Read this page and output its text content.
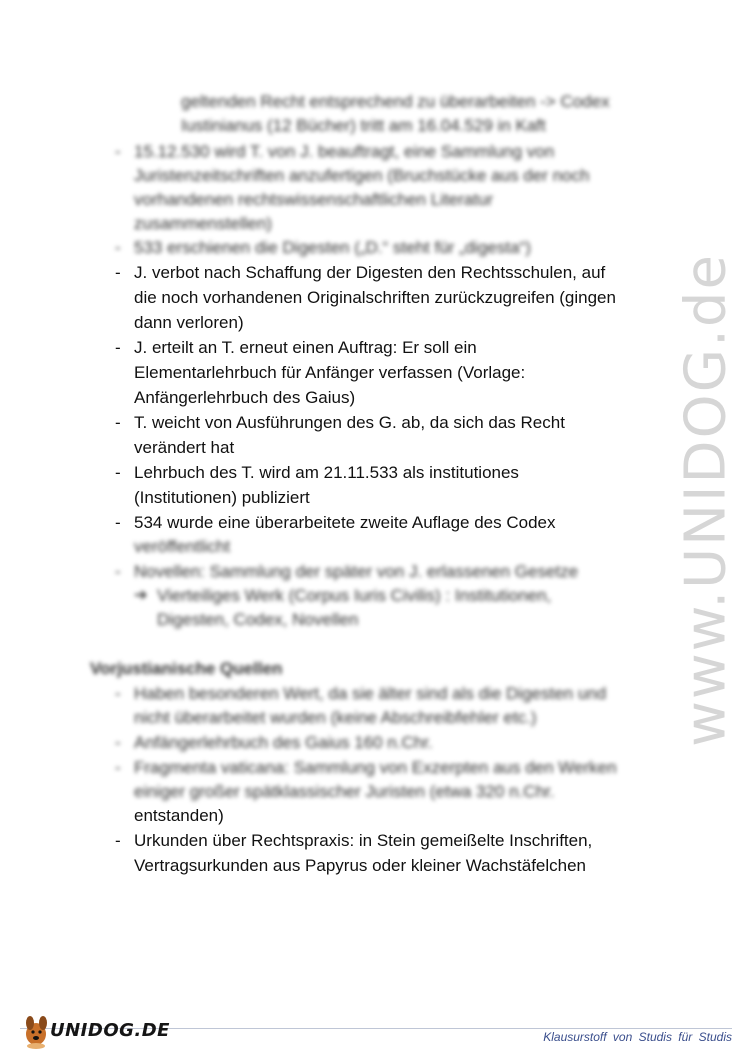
www.UNIDOG.de
geltenden Recht entsprechend zu überarbeiten -> Codex
Iustinianus (12 Bücher) tritt am 16.04.529 in Kaft
- 15.12.530 wird T. von J. beauftragt, eine Sammlung von
Juristenzeitschriften anzufertigen (Bruchstücke aus der noch
vorhandenen rechtswissenschaftlichen Literatur
zusammenstellen)
- 533 erschienen die Digesten („D.“ steht für „digesta“)
- J. verbot nach Schaffung der Digesten den Rechtsschulen, auf
die noch vorhandenen Originalschriften zurückzugreifen (gingen
dann verloren)
- J. erteilt an T. erneut einen Auftrag: Er soll ein
Elementarlehrbuch für Anfänger verfassen (Vorlage:
Anfängerlehrbuch des Gaius)
- T. weicht von Ausführungen des G. ab, da sich das Recht
verändert hat
- Lehrbuch des T. wird am 21.11.533 als institutiones
(Institutionen) publiziert
- 534 wurde eine überarbeitete zweite Auflage des Codex
veröffentlicht
- Novellen: Sammlung der später von J. erlassenen Gesetze
➔ Vierteiliges Werk (Corpus Iuris Civilis) : Institutionen,
Digesten, Codex, Novellen
Vorjustianische Quellen
- Haben besonderen Wert, da sie älter sind als die Digesten und
nicht überarbeitet wurden (keine Abschreibfehler etc.)
- Anfängerlehrbuch des Gaius 160 n.Chr.
- Fragmenta vaticana: Sammlung von Exzerpten aus den Werken
einiger großer spätklassischer Juristen (etwa 320 n.Chr.
entstanden)
- Urkunden über Rechtspraxis: in Stein gemeißelte Inschriften,
Vertragsurkunden aus Papyrus oder kleiner Wachstäfelchen
UNIDOG.DE	Klausurstoff von Studis für Studis
